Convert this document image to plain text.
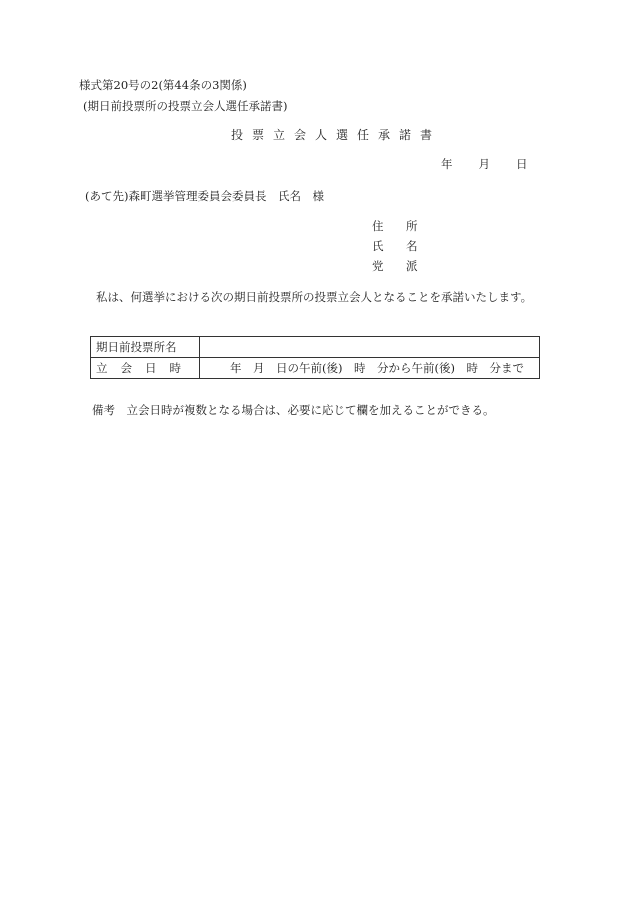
様式第20号の2(第44条の3関係)
(期日前投票所の投票立会人選任承諾書)
投票立会人選任承諾書
年 月 日
(あて先)森町選挙管理委員会委員長　氏名　様
住 所
氏 名
党 派
私は、何選挙における次の期日前投票所の投票立会人となることを承諾いたします。
期日前投票所名	
立会日時	年　月　日の午前(後)　時　分から午前(後)　時　分まで
備考　立会日時が複数となる場合は、必要に応じて欄を加えることができる。
